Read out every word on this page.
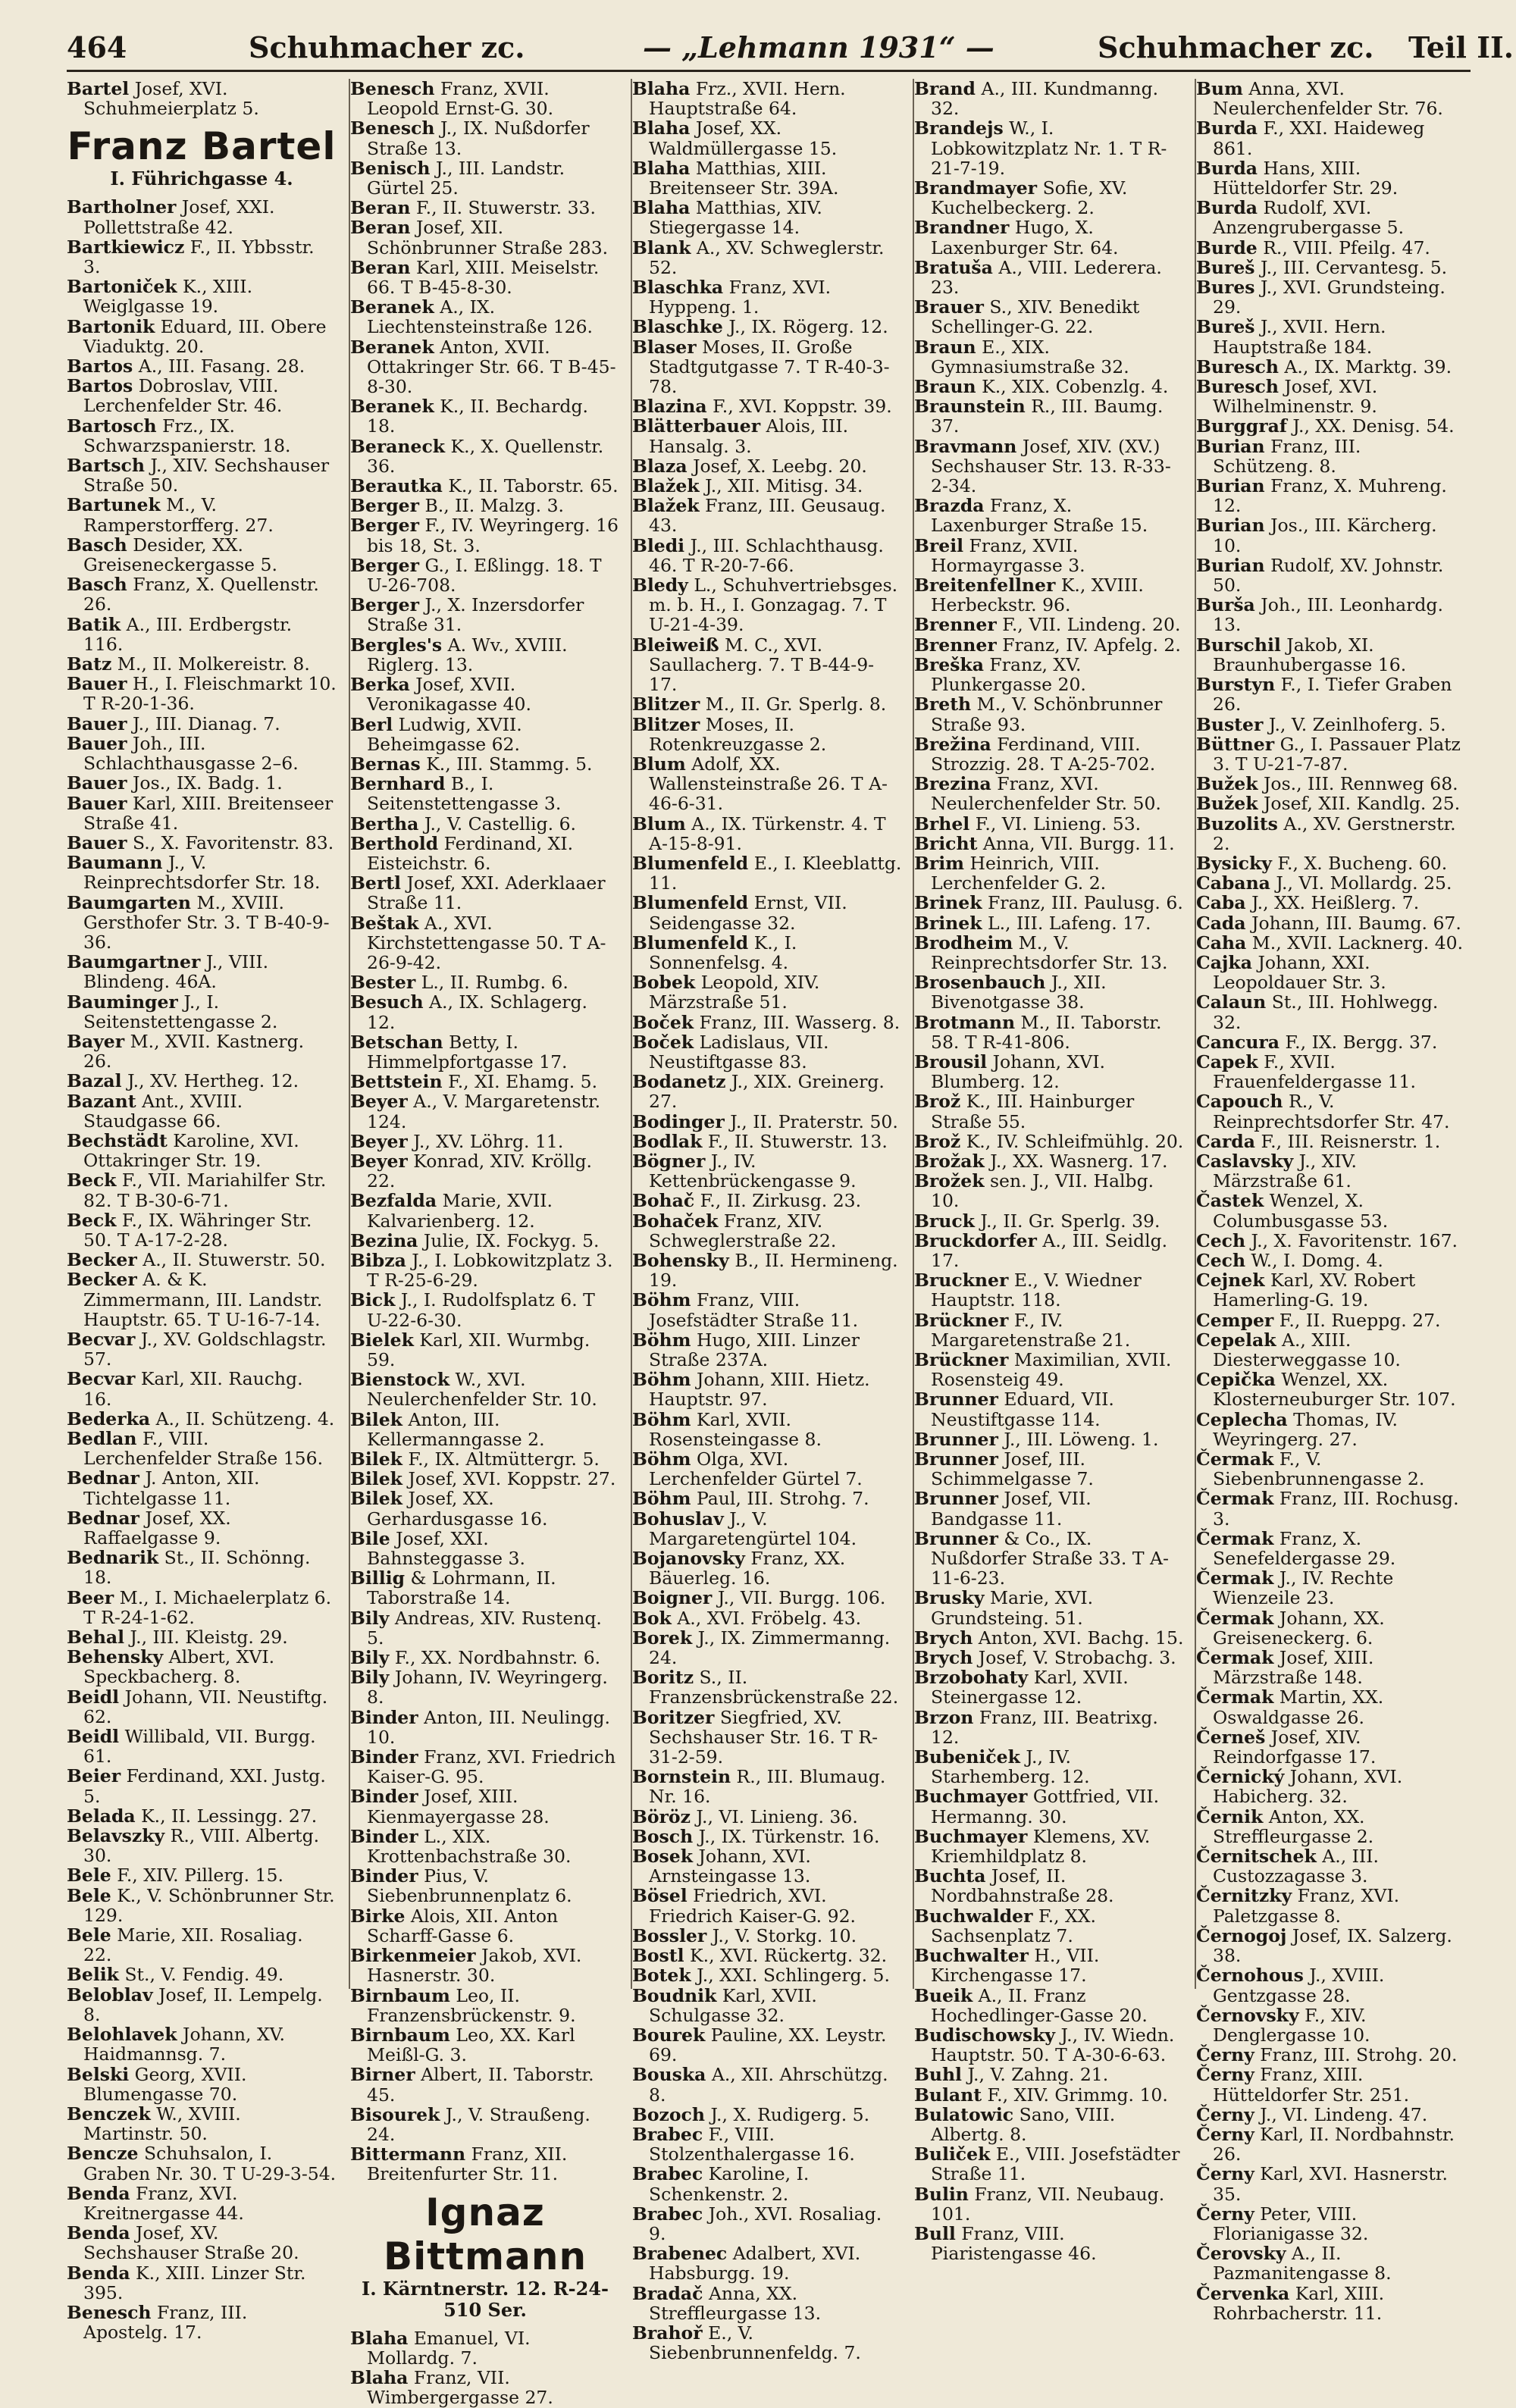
464	Schuhmacher zc.	— „Lehmann 1931“ —	Schuhmacher zc. Teil II.

Bartel Josef, XVI. Schuhmeierplatz 5.

Franz Bartel
I. Führichgasse 4.

Bartholner Josef, XXI. Pollettstraße 42.

Bartkiewicz F., II. Ybbsstr. 3.

Bartoniček K., XIII. Weiglgasse 19.

Bartonik Eduard, III. Obere Viaduktg. 20.

Bartos A., III. Fasang. 28.

Bartos Dobroslav, VIII. Lerchenfelder Str. 46.

Bartosch Frz., IX. Schwarzspanierstr. 18.

Bartsch J., XIV. Sechshauser Straße 50.

Bartunek M., V. Ramperstorfferg. 27.

Basch Desider, XX. Greiseneckergasse 5.

Basch Franz, X. Quellenstr. 26.

Batik A., III. Erdbergstr. 116.

Batz M., II. Molkereistr. 8.

Bauer H., I. Fleischmarkt 10. T R-20-1-36.

Bauer J., III. Dianag. 7.

Bauer Joh., III. Schlachthausgasse 2–6.

Bauer Jos., IX. Badg. 1.

Bauer Karl, XIII. Breitenseer Straße 41.

Bauer S., X. Favoritenstr. 83.

Baumann J., V. Reinprechtsdorfer Str. 18.

Baumgarten M., XVIII. Gersthofer Str. 3. T B-40-9-36.

Baumgartner J., VIII. Blindeng. 46A.

Bauminger J., I. Seitenstettengasse 2.

Bayer M., XVII. Kastnerg. 26.

Bazal J., XV. Hertheg. 12.

Bazant Ant., XVIII. Staudgasse 66.

Bechstädt Karoline, XVI. Ottakringer Str. 19.

Beck F., VII. Mariahilfer Str. 82. T B-30-6-71.

Beck F., IX. Währinger Str. 50. T A-17-2-28.

Becker A., II. Stuwerstr. 50.

Becker A. & K. Zimmermann, III. Landstr. Hauptstr. 65. T U-16-7-14.

Becvar J., XV. Goldschlagstr. 57.

Becvar Karl, XII. Rauchg. 16.

Bederka A., II. Schützeng. 4.

Bedlan F., VIII. Lerchenfelder Straße 156.

Bednar J. Anton, XII. Tichtelgasse 11.

Bednar Josef, XX. Raffaelgasse 9.

Bednarik St., II. Schönng. 18.

Beer M., I. Michaelerplatz 6. T R-24-1-62.

Behal J., III. Kleistg. 29.

Behensky Albert, XVI. Speckbacherg. 8.

Beidl Johann, VII. Neustiftg. 62.

Beidl Willibald, VII. Burgg. 61.

Beier Ferdinand, XXI. Justg. 5.

Belada K., II. Lessingg. 27.

Belavszky R., VIII. Albertg. 30.

Bele F., XIV. Pillerg. 15.

Bele K., V. Schönbrunner Str. 129.

Bele Marie, XII. Rosaliag. 22.

Belik St., V. Fendig. 49.

Beloblav Josef, II. Lempelg. 8.

Belohlavek Johann, XV. Haidmannsg. 7.

Belski Georg, XVII. Blumengasse 70.

Benczek W., XVIII. Martinstr. 50.

Bencze Schuhsalon, I. Graben Nr. 30. T U-29-3-54.

Benda Franz, XVI. Kreitnergasse 44.

Benda Josef, XV. Sechshauser Straße 20.

Benda K., XIII. Linzer Str. 395.

Benesch Franz, III. Apostelg. 17.

Benesch Franz, XVII. Leopold Ernst-G. 30.

Benesch J., IX. Nußdorfer Straße 13.

Benisch J., III. Landstr. Gürtel 25.

Beran F., II. Stuwerstr. 33.

Beran Josef, XII. Schönbrunner Straße 283.

Beran Karl, XIII. Meiselstr. 66. T B-45-8-30.

Beranek A., IX. Liechtensteinstraße 126.

Beranek Anton, XVII. Ottakringer Str. 66. T B-45-8-30.

Beranek K., II. Bechardg. 18.

Beraneck K., X. Quellenstr. 36.

Berautka K., II. Taborstr. 65.

Berger B., II. Malzg. 3.

Berger F., IV. Weyringerg. 16 bis 18, St. 3.

Berger G., I. Eßlingg. 18. T U-26-708.

Berger J., X. Inzersdorfer Straße 31.

Bergles's A. Wv., XVIII. Riglerg. 13.

Berka Josef, XVII. Veronikagasse 40.

Berl Ludwig, XVII. Beheimgasse 62.

Bernas K., III. Stammg. 5.

Bernhard B., I. Seitenstettengasse 3.

Bertha J., V. Castellig. 6.

Berthold Ferdinand, XI. Eisteichstr. 6.

Bertl Josef, XXI. Aderklaaer Straße 11.

Beštak A., XVI. Kirchstettengasse 50. T A-26-9-42.

Bester L., II. Rumbg. 6.

Besuch A., IX. Schlagerg. 12.

Betschan Betty, I. Himmelpfortgasse 17.

Bettstein F., XI. Ehamg. 5.

Beyer A., V. Margaretenstr. 124.

Beyer J., XV. Löhrg. 11.

Beyer Konrad, XIV. Kröllg. 22.

Bezfalda Marie, XVII. Kalvarienberg. 12.

Bezina Julie, IX. Fockyg. 5.

Bibza J., I. Lobkowitzplatz 3. T R-25-6-29.

Bick J., I. Rudolfsplatz 6. T U-22-6-30.

Bielek Karl, XII. Wurmbg. 59.

Bienstock W., XVI. Neulerchenfelder Str. 10.

Bilek Anton, III. Kellermanngasse 2.

Bilek F., IX. Altmüttergr. 5.

Bilek Josef, XVI. Koppstr. 27.

Bilek Josef, XX. Gerhardusgasse 16.

Bile Josef, XXI. Bahnsteggasse 3.

Billig & Lohrmann, II. Taborstraße 14.

Bily Andreas, XIV. Rustenq. 5.

Bily F., XX. Nordbahnstr. 6.

Bily Johann, IV. Weyringerg. 8.

Binder Anton, III. Neulingg. 10.

Binder Franz, XVI. Friedrich Kaiser-G. 95.

Binder Josef, XIII. Kienmayergasse 28.

Binder L., XIX. Krottenbachstraße 30.

Binder Pius, V. Siebenbrunnenplatz 6.

Birke Alois, XII. Anton Scharff-Gasse 6.

Birkenmeier Jakob, XVI. Hasnerstr. 30.

Birnbaum Leo, II. Franzensbrückenstr. 9.

Birnbaum Leo, XX. Karl Meißl-G. 3.

Birner Albert, II. Taborstr. 45.

Bisourek J., V. Straußeng. 24.

Bittermann Franz, XII. Breitenfurter Str. 11.

Ignaz Bittmann
I. Kärntnerstr. 12. R-24-510 Ser.

Blaha Emanuel, VI. Mollardg. 7.

Blaha Franz, VII. Wimbergergasse 27.

Blaha Frz., XVII. Hern. Hauptstraße 64.

Blaha Josef, XX. Waldmüllergasse 15.

Blaha Matthias, XIII. Breitenseer Str. 39A.

Blaha Matthias, XIV. Stiegergasse 14.

Blank A., XV. Schweglerstr. 52.

Blaschka Franz, XVI. Hyppeng. 1.

Blaschke J., IX. Rögerg. 12.

Blaser Moses, II. Große Stadtgutgasse 7. T R-40-3-78.

Blazina F., XVI. Koppstr. 39.

Blätterbauer Alois, III. Hansalg. 3.

Blaza Josef, X. Leebg. 20.

Blažek J., XII. Mitisg. 34.

Blažek Franz, III. Geusaug. 43.

Bledi J., III. Schlachthausg. 46. T R-20-7-66.

Bledy L., Schuhvertriebsges. m. b. H., I. Gonzagag. 7. T U-21-4-39.

Bleiweiß M. C., XVI. Saullacherg. 7. T B-44-9-17.

Blitzer M., II. Gr. Sperlg. 8.

Blitzer Moses, II. Rotenkreuzgasse 2.

Blum Adolf, XX. Wallensteinstraße 26. T A-46-6-31.

Blum A., IX. Türkenstr. 4. T A-15-8-91.

Blumenfeld E., I. Kleeblattg. 11.

Blumenfeld Ernst, VII. Seidengasse 32.

Blumenfeld K., I. Sonnenfelsg. 4.

Bobek Leopold, XIV. Märzstraße 51.

Boček Franz, III. Wasserg. 8.

Boček Ladislaus, VII. Neustiftgasse 83.

Bodanetz J., XIX. Greinerg. 27.

Bodinger J., II. Praterstr. 50.

Bodlak F., II. Stuwerstr. 13.

Bögner J., IV. Kettenbrückengasse 9.

Bohač F., II. Zirkusg. 23.

Bohaček Franz, XIV. Schweglerstraße 22.

Bohensky B., II. Hermineng. 19.

Böhm Franz, VIII. Josefstädter Straße 11.

Böhm Hugo, XIII. Linzer Straße 237A.

Böhm Johann, XIII. Hietz. Hauptstr. 97.

Böhm Karl, XVII. Rosensteingasse 8.

Böhm Olga, XVI. Lerchenfelder Gürtel 7.

Böhm Paul, III. Strohg. 7.

Bohuslav J., V. Margaretengürtel 104.

Bojanovsky Franz, XX. Bäuerleg. 16.

Boigner J., VII. Burgg. 106.

Bok A., XVI. Fröbelg. 43.

Borek J., IX. Zimmermanng. 24.

Boritz S., II. Franzensbrückenstraße 22.

Boritzer Siegfried, XV. Sechshauser Str. 16. T R-31-2-59.

Bornstein R., III. Blumaug. Nr. 16.

Böröz J., VI. Linieng. 36.

Bosch J., IX. Türkenstr. 16.

Bosek Johann, XVI. Arnsteingasse 13.

Bösel Friedrich, XVI. Friedrich Kaiser-G. 92.

Bossler J., V. Storkg. 10.

Bostl K., XVI. Rückertg. 32.

Botek J., XXI. Schlingerg. 5.

Boudnik Karl, XVII. Schulgasse 32.

Bourek Pauline, XX. Leystr. 69.

Bouska A., XII. Ahrschützg. 8.

Bozoch J., X. Rudigerg. 5.

Brabec F., VIII. Stolzenthalergasse 16.

Brabec Karoline, I. Schenkenstr. 2.

Brabec Joh., XVI. Rosaliag. 9.

Brabenec Adalbert, XVI. Habsburgg. 19.

Bradač Anna, XX. Streffleurgasse 13.

Brahoř E., V. Siebenbrunnenfeldg. 7.

Brand A., III. Kundmanng. 32.

Brandejs W., I. Lobkowitzplatz Nr. 1. T R-21-7-19.

Brandmayer Sofie, XV. Kuchelbeckerg. 2.

Brandner Hugo, X. Laxenburger Str. 64.

Bratuša A., VIII. Lederera. 23.

Brauer S., XIV. Benedikt Schellinger-G. 22.

Braun E., XIX. Gymnasiumstraße 32.

Braun K., XIX. Cobenzlg. 4.

Braunstein R., III. Baumg. 37.

Bravmann Josef, XIV. (XV.) Sechshauser Str. 13. R-33-2-34.

Brazda Franz, X. Laxenburger Straße 15.

Breil Franz, XVII. Hormayrgasse 3.

Breitenfellner K., XVIII. Herbeckstr. 96.

Brenner F., VII. Lindeng. 20.

Brenner Franz, IV. Apfelg. 2.

Breška Franz, XV. Plunkergasse 20.

Breth M., V. Schönbrunner Straße 93.

Brežina Ferdinand, VIII. Strozzig. 28. T A-25-702.

Brezina Franz, XVI. Neulerchenfelder Str. 50.

Brhel F., VI. Linieng. 53.

Bricht Anna, VII. Burgg. 11.

Brim Heinrich, VIII. Lerchenfelder G. 2.

Brinek Franz, III. Paulusg. 6.

Brinek L., III. Lafeng. 17.

Brodheim M., V. Reinprechtsdorfer Str. 13.

Brosenbauch J., XII. Bivenotgasse 38.

Brotmann M., II. Taborstr. 58. T R-41-806.

Brousil Johann, XVI. Blumberg. 12.

Brož K., III. Hainburger Straße 55.

Brož K., IV. Schleifmühlg. 20.

Brožak J., XX. Wasnerg. 17.

Brožek sen. J., VII. Halbg. 10.

Bruck J., II. Gr. Sperlg. 39.

Bruckdorfer A., III. Seidlg. 17.

Bruckner E., V. Wiedner Hauptstr. 118.

Brückner F., IV. Margaretenstraße 21.

Brückner Maximilian, XVII. Rosensteig 49.

Brunner Eduard, VII. Neustiftgasse 114.

Brunner J., III. Löweng. 1.

Brunner Josef, III. Schimmelgasse 7.

Brunner Josef, VII. Bandgasse 11.

Brunner & Co., IX. Nußdorfer Straße 33. T A-11-6-23.

Brusky Marie, XVI. Grundsteing. 51.

Brych Anton, XVI. Bachg. 15.

Brych Josef, V. Strobachg. 3.

Brzobohaty Karl, XVII. Steinergasse 12.

Brzon Franz, III. Beatrixg. 12.

Bubeniček J., IV. Starhemberg. 12.

Buchmayer Gottfried, VII. Hermanng. 30.

Buchmayer Klemens, XV. Kriemhildplatz 8.

Buchta Josef, II. Nordbahnstraße 28.

Buchwalder F., XX. Sachsenplatz 7.

Buchwalter H., VII. Kirchengasse 17.

Bueik A., II. Franz Hochedlinger-Gasse 20.

Budischowsky J., IV. Wiedn. Hauptstr. 50. T A-30-6-63.

Buhl J., V. Zahng. 21.

Bulant F., XIV. Grimmg. 10.

Bulatowic Sano, VIII. Albertg. 8.

Buliček E., VIII. Josefstädter Straße 11.

Bulin Franz, VII. Neubaug. 101.

Bull Franz, VIII. Piaristengasse 46.

Bum Anna, XVI. Neulerchenfelder Str. 76.

Burda F., XXI. Haideweg 861.

Burda Hans, XIII. Hütteldorfer Str. 29.

Burda Rudolf, XVI. Anzengrubergasse 5.

Burde R., VIII. Pfeilg. 47.

Bureš J., III. Cervantesg. 5.

Bures J., XVI. Grundsteing. 29.

Bureš J., XVII. Hern. Hauptstraße 184.

Buresch A., IX. Marktg. 39.

Buresch Josef, XVI. Wilhelminenstr. 9.

Burggraf J., XX. Denisg. 54.

Burian Franz, III. Schützeng. 8.

Burian Franz, X. Muhreng. 12.

Burian Jos., III. Kärcherg. 10.

Burian Rudolf, XV. Johnstr. 50.

Burša Joh., III. Leonhardg. 13.

Burschil Jakob, XI. Braunhubergasse 16.

Burstyn F., I. Tiefer Graben 26.

Buster J., V. Zeinlhoferg. 5.

Büttner G., I. Passauer Platz 3. T U-21-7-87.

Bužek Jos., III. Rennweg 68.

Bužek Josef, XII. Kandlg. 25.

Buzolits A., XV. Gerstnerstr. 2.

Bysicky F., X. Bucheng. 60.

Cabana J., VI. Mollardg. 25.

Caba J., XX. Heißlerg. 7.

Cada Johann, III. Baumg. 67.

Caha M., XVII. Lacknerg. 40.

Cajka Johann, XXI. Leopoldauer Str. 3.

Calaun St., III. Hohlwegg. 32.

Cancura F., IX. Bergg. 37.

Capek F., XVII. Frauenfeldergasse 11.

Capouch R., V. Reinprechtsdorfer Str. 47.

Carda F., III. Reisnerstr. 1.

Caslavsky J., XIV. Märzstraße 61.

Častek Wenzel, X. Columbusgasse 53.

Cech J., X. Favoritenstr. 167.

Cech W., I. Domg. 4.

Cejnek Karl, XV. Robert Hamerling-G. 19.

Cemper F., II. Rueppg. 27.

Cepelak A., XIII. Diesterweggasse 10.

Cepička Wenzel, XX. Klosterneuburger Str. 107.

Ceplecha Thomas, IV. Weyringerg. 27.

Čermak F., V. Siebenbrunnengasse 2.

Čermak Franz, III. Rochusg. 3.

Čermak Franz, X. Senefeldergasse 29.

Čermak J., IV. Rechte Wienzeile 23.

Čermak Johann, XX. Greiseneckerg. 6.

Čermak Josef, XIII. Märzstraße 148.

Čermak Martin, XX. Oswaldgasse 26.

Černeš Josef, XIV. Reindorfgasse 17.

Černický Johann, XVI. Habicherg. 32.

Černik Anton, XX. Streffleurgasse 2.

Černitschek A., III. Custozzagasse 3.

Černitzky Franz, XVI. Paletzgasse 8.

Černogoj Josef, IX. Salzerg. 38.

Černohous J., XVIII. Gentzgasse 28.

Černovsky F., XIV. Denglergasse 10.

Černy Franz, III. Strohg. 20.

Černy Franz, XIII. Hütteldorfer Str. 251.

Černy J., VI. Lindeng. 47.

Černy Karl, II. Nordbahnstr. 26.

Černy Karl, XVI. Hasnerstr. 35.

Černy Peter, VIII. Florianigasse 32.

Čerovsky A., II. Pazmanitengasse 8.

Červenka Karl, XIII. Rohrbacherstr. 11.
